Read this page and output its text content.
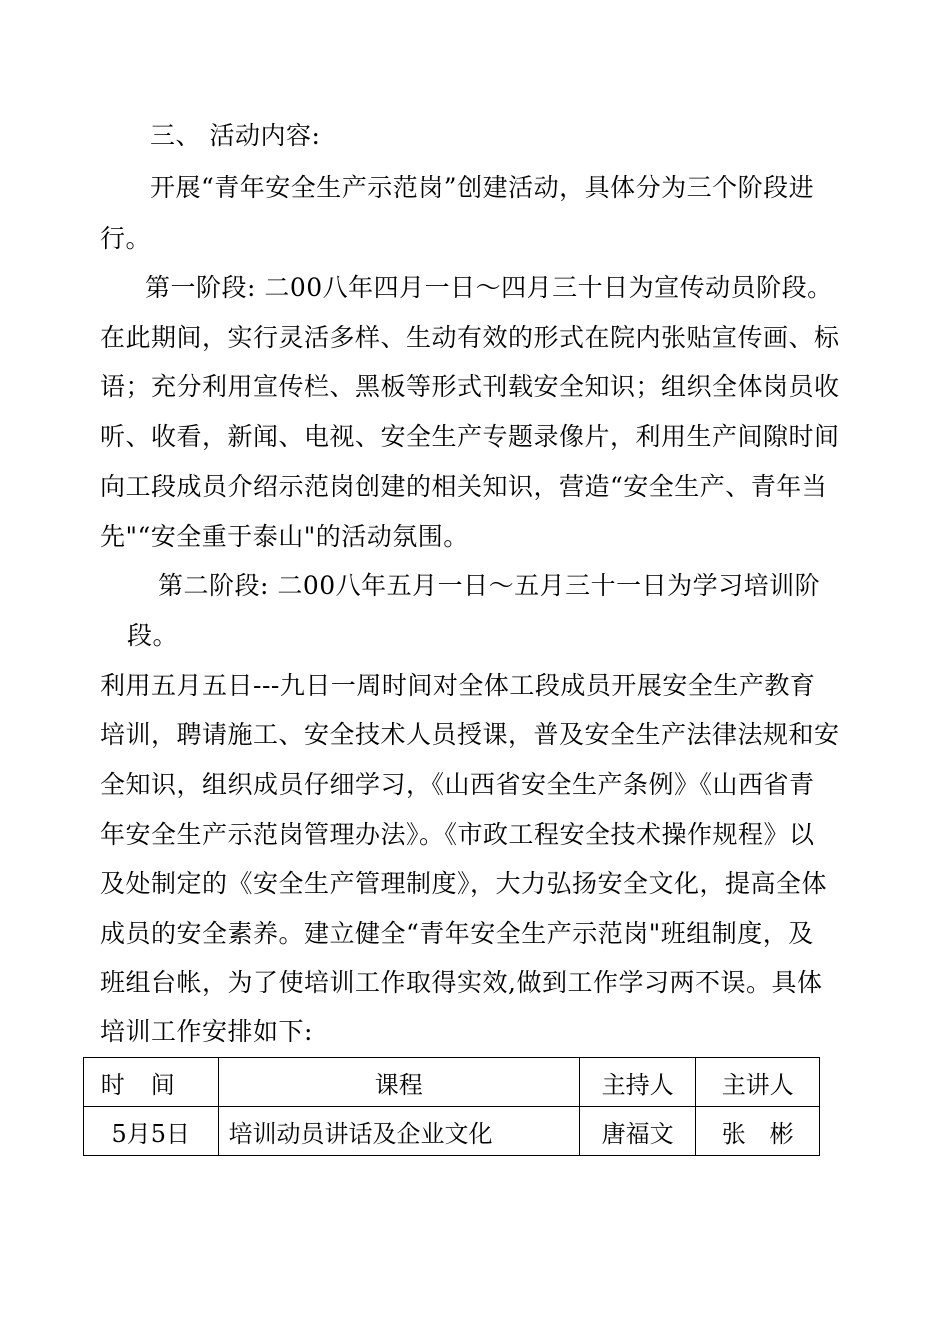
三、 活动内容:
开展“青年安全生产示范岗”创建活动，具体分为三个阶段进
行。
第一阶段: 二00八年四月一日～四月三十日为宣传动员阶段。
在此期间，实行灵活多样、生动有效的形式在院内张贴宣传画、标
语；充分利用宣传栏、黑板等形式刊载安全知识；组织全体岗员收
听、收看，新闻、电视、安全生产专题录像片，利用生产间隙时间
向工段成员介绍示范岗创建的相关知识，营造“安全生产、青年当
先"“安全重于泰山"的活动氛围。
第二阶段: 二00八年五月一日～五月三十一日为学习培训阶
段。
利用五月五日---九日一周时间对全体工段成员开展安全生产教育
培训，聘请施工、安全技术人员授课，普及安全生产法律法规和安
全知识，组织成员仔细学习，《山西省安全生产条例》《山西省青
年安全生产示范岗管理办法》。《市政工程安全技术操作规程》以
及处制定的《安全生产管理制度》，大力弘扬安全文化，提高全体
成员的安全素养。建立健全“青年安全生产示范岗"班组制度，及
班组台帐，为了使培训工作取得实效,做到工作学习两不误。具体
培训工作安排如下:
时间	课程	主持人	主讲人
5月5日	培训动员讲话及企业文化	唐福文	张　彬
